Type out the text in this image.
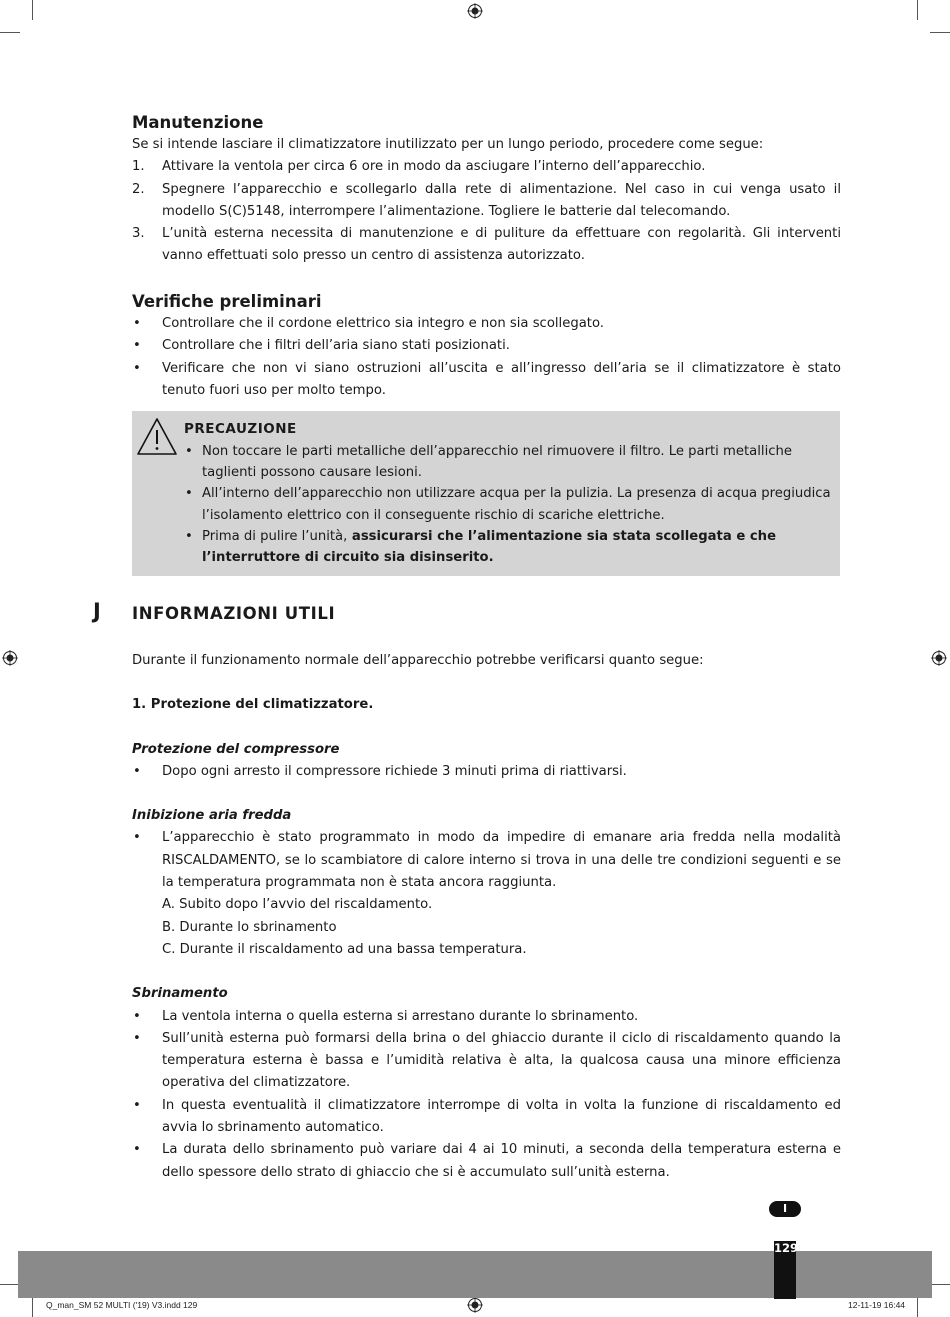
Manutenzione

Se si intende lasciare il climatizzatore inutilizzato per un lungo periodo, procedere come segue:

1. Attivare la ventola per circa 6 ore in modo da asciugare l’interno dell’apparecchio.
2. Spegnere l’apparecchio e scollegarlo dalla rete di alimentazione. Nel caso in cui venga usato il modello S(C)5148, interrompere l’alimentazione. Togliere le batterie dal telecomando.
3. L’unità esterna necessita di manutenzione e di puliture da effettuare con regolarità. Gli interventi vanno effettuati solo presso un centro di assistenza autorizzato.
Verifiche preliminari
• Controllare che il cordone elettrico sia integro e non sia scollegato.
• Controllare che i filtri dell’aria siano stati posizionati.
• Verificare che non vi siano ostruzioni all’uscita e all’ingresso dell’aria se il climatizzatore è stato tenuto fuori uso per molto tempo.
PRECAUZIONE
• Non toccare le parti metalliche dell’apparecchio nel rimuovere il filtro. Le parti metalliche taglienti possono causare lesioni.
• All’interno dell’apparecchio non utilizzare acqua per la pulizia. La presenza di acqua pregiudica l’isolamento elettrico con il conseguente rischio di scariche elettriche.
• Prima di pulire l’unità, assicurarsi che l’alimentazione sia stata scollegata e che l’interruttore di circuito sia disinserito.
J INFORMAZIONI UTILI

Durante il funzionamento normale dell’apparecchio potrebbe verificarsi quanto segue:

1. Protezione del climatizzatore.

Protezione del compressore

• Dopo ogni arresto il compressore richiede 3 minuti prima di riattivarsi.

Inibizione aria fredda

• L’apparecchio è stato programmato in modo da impedire di emanare aria fredda nella modalità RISCALDAMENTO, se lo scambiatore di calore interno si trova in una delle tre condizioni seguenti e se la temperatura programmata non è stata ancora raggiunta.

A. Subito dopo l’avvio del riscaldamento.

B. Durante lo sbrinamento

C. Durante il riscaldamento ad una bassa temperatura.

Sbrinamento

• La ventola interna o quella esterna si arrestano durante lo sbrinamento.
• Sull’unità esterna può formarsi della brina o del ghiaccio durante il ciclo di riscaldamento quando la temperatura esterna è bassa e l’umidità relativa è alta, la qualcosa causa una minore efficienza operativa del climatizzatore.
• In questa eventualità il climatizzatore interrompe di volta in volta la funzione di riscaldamento ed avvia lo sbrinamento automatico.
• La durata dello sbrinamento può variare dai 4 ai 10 minuti, a seconda della temperatura esterna e dello spessore dello strato di ghiaccio che si è accumulato sull’unità esterna.
I
129
Q_man_SM 52 MULTI ('19) V3.indd 129	12-11-19 16:44
